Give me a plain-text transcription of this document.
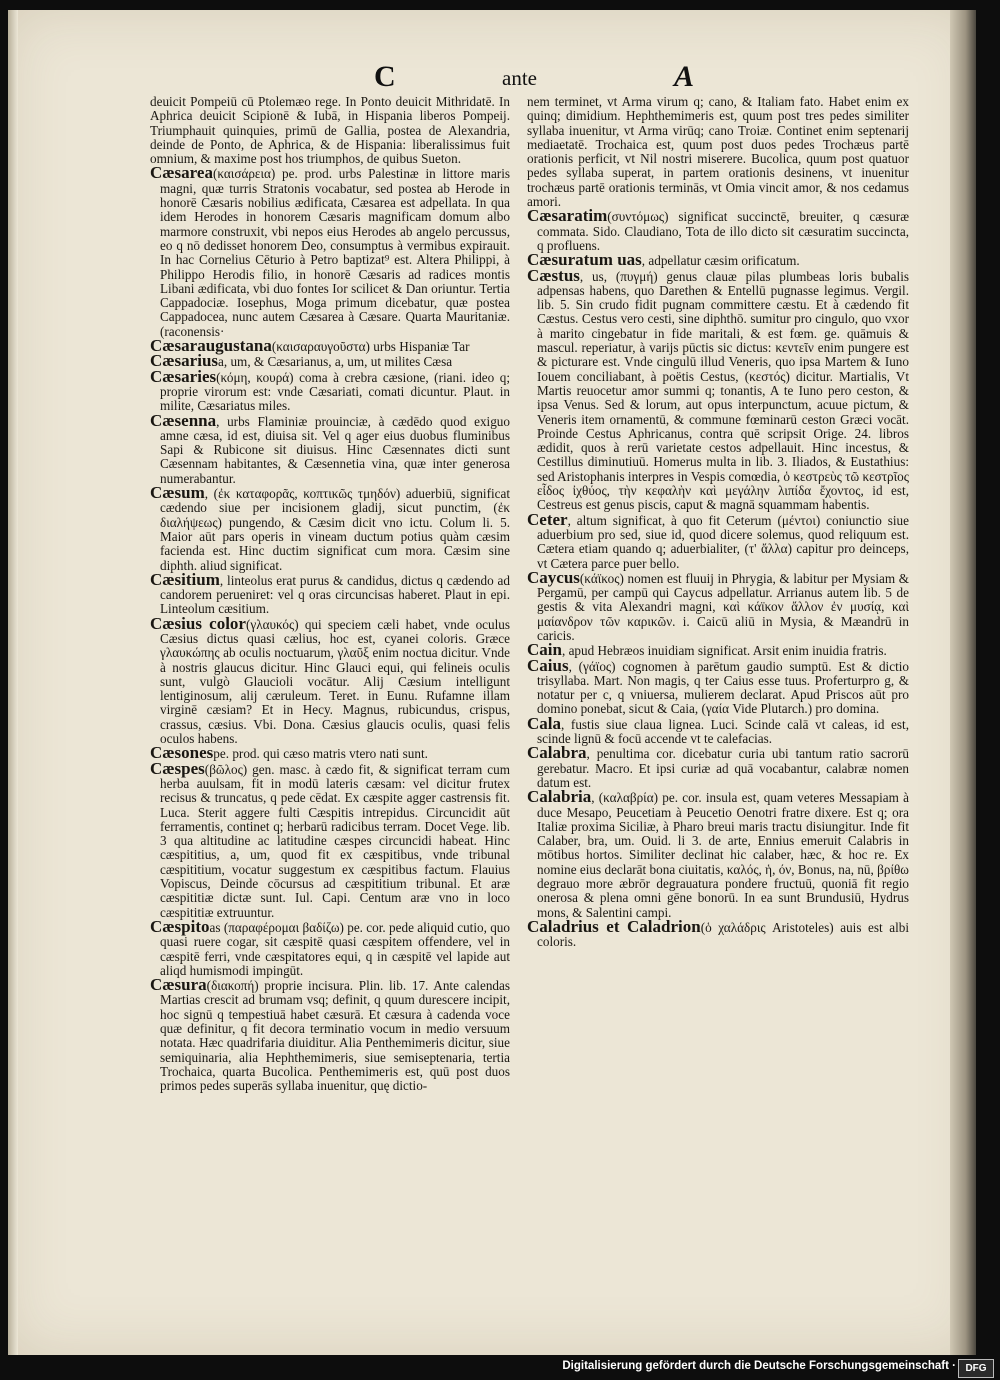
C	ante	A
deuicit Pompeiū cū Ptolemæo rege. In Ponto deuicit Mithridatē. In Aphrica deuicit Scipionē & Iubā, in Hispania liberos Pompeij. Triumphauit quinquies, primū de Gallia, postea de Alexandria, deinde de Ponto, de Aphrica, & de Hispania: liberalissimus fuit omnium, & maxime post hos triumphos, de quibus Sueton.
Cæsarea(καισάρεια) pe. prod. urbs Palestinæ in littore maris magni, quæ turris Stratonis vocabatur, sed postea ab Herode in honorē Cæsaris nobilius ædificata, Cæsarea est adpellata. In qua idem Herodes in honorem Cæsaris magnificam domum albo marmore construxit, vbi nepos eius Herodes ab angelo percussus, eo q nō dedisset honorem Deo, consumptus à vermibus expirauit. In hac Cornelius Cēturio à Petro baptizat⁹ est. Altera Philippi, à Philippo Herodis filio, in honorē Cæsaris ad radices montis Libani ædificata, vbi duo fontes Ior scilicet & Dan oriuntur. Tertia Cappadociæ. Iosephus, Moga primum dicebatur, quæ postea Cappadocea, nunc autem Cæsarea à Cæsare. Quarta Mauritaniæ. (raconensis·
Cæsaraugustana(καισαραυγοῦστα) urbs Hispaniæ Tar
Cæsariusa, um, & Cæsarianus, a, um, ut milites Cæsa
Cæsaries(κόμη, κουρά) coma à crebra cæsione, (riani. ideo q; proprie virorum est: vnde Cæsariati, comati dicuntur. Plaut. in milite, Cæsariatus miles.
Cæsenna, urbs Flaminiæ prouinciæ, à cædēdo quod exiguo amne cæsa, id est, diuisa sit. Vel q ager eius duobus fluminibus Sapi & Rubicone sit diuisus. Hinc Cæsennates dicti sunt Cæsennam habitantes, & Cæsennetia vina, quæ inter generosa numerabantur.
Cæsum, (ἐκ καταφορᾶς, κοπτικῶς τμηδόν) aduerbiū, significat cædendo siue per incisionem gladij, sicut punctim, (ἐκ διαλήψεως) pungendo, & Cæsim dicit vno ictu. Colum li. 5. Maior aūt pars operis in vineam ductum potius quàm cæsim facienda est. Hinc ductim significat cum mora. Cæsim sine diphth. aliud significat.
Cæsitium, linteolus erat purus & candidus, dictus q cædendo ad candorem perueniret: vel q oras circuncisas haberet. Plaut in epi. Linteolum cæsitium.
Cæsius color(γλαυκός) qui speciem cæli habet, vnde oculus Cæsius dictus quasi cælius, hoc est, cyanei coloris. Græce γλαυκώπης ab oculis noctuarum, γλαῦξ enim noctua dicitur. Vnde à nostris glaucus dicitur. Hinc Glauci equi, qui felineis oculis sunt, vulgò Glaucioli vocātur. Alij Cæsium intelligunt lentiginosum, alij cæruleum. Teret. in Eunu. Rufamne illam virginē cæsiam? Et in Hecy. Magnus, rubicundus, crispus, crassus, cæsius. Vbi. Dona. Cæsius glaucis oculis, quasi felis oculos habens.
Cæsonespe. prod. qui cæso matris vtero nati sunt.
Cæspes(βῶλος) gen. masc. à cædo fit, & significat terram cum herba auulsam, fit in modū lateris cæsam: vel dicitur frutex recisus & truncatus, q pede cēdat. Ex cæspite agger castrensis fit. Luca. Sterit aggere fulti Cæspitis intrepidus. Circuncidit aūt ferramentis, continet q; herbarū radicibus terram. Docet Vege. lib. 3 qua altitudine ac latitudine cæspes circuncidi habeat. Hinc cæspititius, a, um, quod fit ex cæspitibus, vnde tribunal cæspititium, vocatur suggestum ex cæspitibus factum. Flauius Vopiscus, Deinde cōcursus ad cæspititium tribunal. Et aræ cæspititiæ dictæ sunt. Iul. Capi. Centum aræ vno in loco cæspititiæ extruuntur.
Cæspitoas (παραφέρομαι βαδίζω) pe. cor. pede aliquid cutio, quo quasi ruere cogar, sit cæspitē quasi cæspitem offendere, vel in cæspitē ferri, vnde cæspitatores equi, q in cæspitē vel lapide aut aliqd humismodi impingūt.
Cæsura(διακοπή) proprie incisura. Plin. lib. 17. Ante calendas Martias crescit ad brumam vsq; definit, q quum durescere incipit, hoc signū q tempestiuā habet cæsurā. Et cæsura à cadenda voce quæ definitur, q fit decora terminatio vocum in medio versuum notata. Hæc quadrifaria diuiditur. Alia Penthemimeris dicitur, siue semiquinaria, alia Hephthemimeris, siue semiseptenaria, tertia Trochaica, quarta Bucolica. Penthemimeris est, quū post duos primos pedes superās syllaba inuenitur, quę dictio-
nem terminet, vt Arma virum q; cano, & Italiam fato. Habet enim ex quinq; dimidium. Hephthemimeris est, quum post tres pedes similiter syllaba inuenitur, vt Arma virūq; cano Troiæ. Continet enim septenarij mediaetatē. Trochaica est, quum post duos pedes Trochæus partē orationis perficit, vt Nil nostri miserere. Bucolica, quum post quatuor pedes syllaba superat, in partem orationis desinens, vt inuenitur trochæus partē orationis terminās, vt Omia vincit amor, & nos cedamus amori.
Cæsaratim(συντόμως) significat succinctē, breuiter, q cæsuræ commata. Sido. Claudiano, Tota de illo dicto sit cæsuratim succincta, q profluens.
Cæsuratum uas, adpellatur cæsim orificatum.
Cæstus, us, (πυγμή) genus clauæ pilas plumbeas loris bubalis adpensas habens, quo Darethen & Entellū pugnasse legimus. Vergil. lib. 5. Sin crudo fidit pugnam committere cæstu. Et à cædendo fit Cæstus. Cestus vero cesti, sine diphthō. sumitur pro cingulo, quo vxor à marito cingebatur in fide maritali, & est fœm. ge. quāmuis & mascul. reperiatur, à varijs pūctis sic dictus: κεντεῖν enim pungere est & picturare est. Vnde cingulū illud Veneris, quo ipsa Martem & Iuno Iouem conciliabant, à poëtis Cestus, (κεστός) dicitur. Martialis, Vt Martis reuocetur amor summi q; tonantis, A te Iuno pero ceston, & ipsa Venus. Sed & lorum, aut opus interpunctum, acuue pictum, & Veneris item ornamentū, & commune fœminarū ceston Græci vocāt. Proinde Cestus Aphricanus, contra quē scripsit Orige. 24. libros ædidit, quos à rerū varietate cestos adpellauit. Hinc incestus, & Cestillus diminutiuū. Homerus multa in lib. 3. Iliados, & Eustathius: sed Aristophanis interpres in Vespis comœdia, ὁ κεστρεὺς τῶ κεστρῖος εἶδος ἰχθύος, τὴν κεφαλὴν καὶ μεγάλην λιπίδα ἔχοντος, id est, Cestreus est genus piscis, caput & magnā squammam habentis.
Ceter, altum significat, à quo fit Ceterum (μέντοι) coniunctio siue aduerbium pro sed, siue id, quod dicere solemus, quod reliquum est. Cætera etiam quando q; aduerbialiter, (τ' ἄλλα) capitur pro deinceps, vt Cætera parce puer bello.
Caycus(κάϊκος) nomen est fluuij in Phrygia, & labitur per Mysiam & Pergamū, per campū qui Caycus adpellatur. Arrianus autem lib. 5 de gestis & vita Alexandri magni, καὶ κάϊκον ἄλλον ἐν μυσίᾳ, καὶ μαίανδρον τῶν καρικῶν. i. Caicū aliū in Mysia, & Mæandrū in caricis.
Cain, apud Hebræos inuidiam significat. Arsit enim inuidia fratris.
Caius, (γάϊος) cognomen à parētum gaudio sumptū. Est & dictio trisyllaba. Mart. Non magis, q ter Caius esse tuus. Proferturpro g, & notatur per c, q vniuersa, mulierem declarat. Apud Priscos aūt pro domino ponebat, sicut & Caia, (γαία Vide Plutarch.) pro domina.
Cala, fustis siue claua lignea. Luci. Scinde calā vt caleas, id est, scinde lignū & focū accende vt te calefacias.
Calabra, penultima cor. dicebatur curia ubi tantum ratio sacrorū gerebatur. Macro. Et ipsi curiæ ad quā vocabantur, calabræ nomen datum est.
Calabria, (καλαβρία) pe. cor. insula est, quam veteres Messapiam à duce Mesapo, Peucetiam à Peucetio Oenotri fratre dixere. Est q; ora Italiæ proxima Siciliæ, à Pharo breui maris tractu disiungitur. Inde fit Calaber, bra, um. Ouid. li 3. de arte, Ennius emeruit Calabris in mōtibus hortos. Similiter declinat hic calaber, hæc, & hoc re. Ex nomine eius declarāt bona ciuitatis, καλός, ἡ, όν, Bonus, na, nū, βρίθω degrauo more æbrōr degrauatura pondere fructuū, quoniā fit regio onerosa & plena omni gēne bonorū. In ea sunt Brundusiū, Hydrus mons, & Salentini campi.
Caladrius et Caladrion(ὁ χαλάδρις Aristoteles) auis est albi coloris.
Digitalisierung gefördert durch die Deutsche Forschungsgemeinschaft · DFG
